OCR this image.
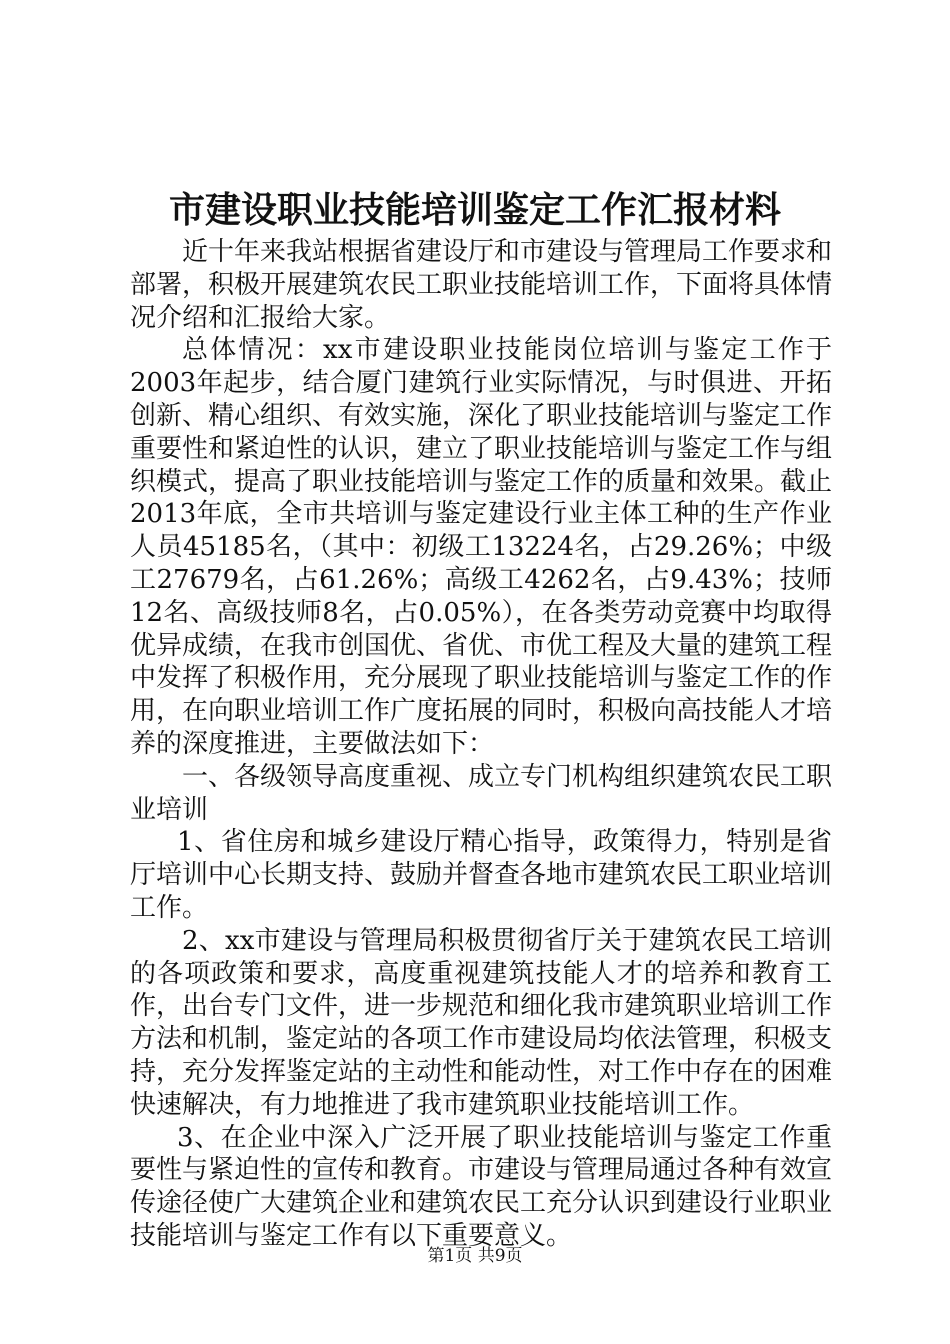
市建设职业技能培训鉴定工作汇报材料

近十年来我站根据省建设厅和市建设与管理局工作要求和部署，积极开展建筑农民工职业技能培训工作，下面将具体情况介绍和汇报给大家。

总体情况：xx市建设职业技能岗位培训与鉴定工作于2003年起步，结合厦门建筑行业实际情况，与时俱进、开拓创新、精心组织、有效实施，深化了职业技能培训与鉴定工作重要性和紧迫性的认识，建立了职业技能培训与鉴定工作与组织模式，提高了职业技能培训与鉴定工作的质量和效果。截止2013年底，全市共培训与鉴定建设行业主体工种的生产作业人员45185名，（其中：初级工13224名，占29.26%；中级工27679名，占61.26%；高级工4262名，占9.43%；技师12名、高级技师8名，占0.05%），在各类劳动竞赛中均取得优异成绩，在我市创国优、省优、市优工程及大量的建筑工程中发挥了积极作用，充分展现了职业技能培训与鉴定工作的作用，在向职业培训工作广度拓展的同时，积极向高技能人才培养的深度推进，主要做法如下：

一、各级领导高度重视、成立专门机构组织建筑农民工职业培训

1、省住房和城乡建设厅精心指导，政策得力，特别是省厅培训中心长期支持、鼓励并督查各地市建筑农民工职业培训工作。

2、xx市建设与管理局积极贯彻省厅关于建筑农民工培训的各项政策和要求，高度重视建筑技能人才的培养和教育工作，出台专门文件，进一步规范和细化我市建筑职业培训工作方法和机制，鉴定站的各项工作市建设局均依法管理，积极支持，充分发挥鉴定站的主动性和能动性，对工作中存在的困难快速解决，有力地推进了我市建筑职业技能培训工作。

3、在企业中深入广泛开展了职业技能培训与鉴定工作重要性与紧迫性的宣传和教育。市建设与管理局通过各种有效宣传途径使广大建筑企业和建筑农民工充分认识到建设行业职业技能培训与鉴定工作有以下重要意义。

第1页 共9页
